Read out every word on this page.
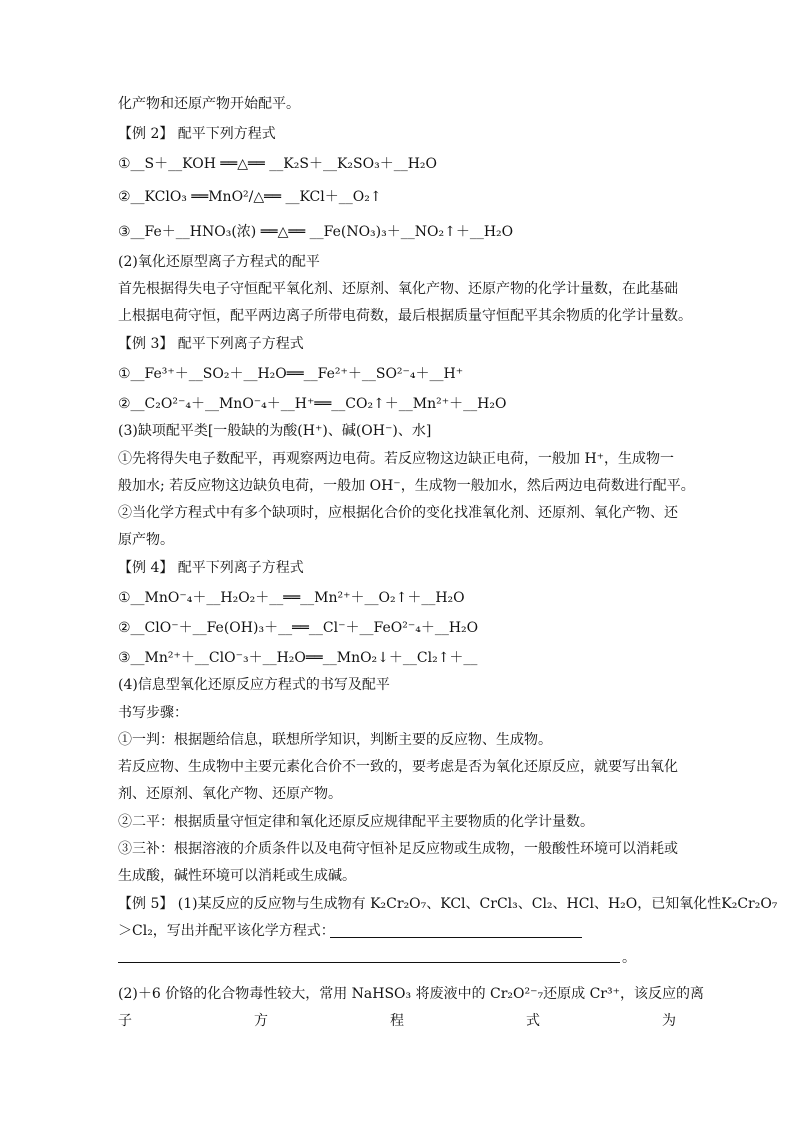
化产物和还原产物开始配平。
【例 2】 配平下列方程式
①__S＋__KOH ══△══ __K₂S＋__K₂SO₃＋__H₂O
②__KClO₃ ══MnO²/△══ __KCl＋__O₂↑
③__Fe＋__HNO₃(浓) ══△══ __Fe(NO₃)₃＋__NO₂↑＋__H₂O
(2)氧化还原型离子方程式的配平
首先根据得失电子守恒配平氧化剂、还原剂、氧化产物、还原产物的化学计量数，在此基础
上根据电荷守恒，配平两边离子所带电荷数，最后根据质量守恒配平其余物质的化学计量数。
【例 3】 配平下列离子方程式
①__Fe³⁺＋__SO₂＋__H₂O══__Fe²⁺＋__SO²⁻₄＋__H⁺
②__C₂O²⁻₄＋__MnO⁻₄＋__H⁺══__CO₂↑＋__Mn²⁺＋__H₂O
(3)缺项配平类[一般缺的为酸(H⁺)、碱(OH⁻)、水]
①先将得失电子数配平，再观察两边电荷。若反应物这边缺正电荷，一般加 H⁺，生成物一
般加水; 若反应物这边缺负电荷，一般加 OH⁻，生成物一般加水，然后两边电荷数进行配平。
②当化学方程式中有多个缺项时，应根据化合价的变化找准氧化剂、还原剂、氧化产物、还
原产物。
【例 4】 配平下列离子方程式
①__MnO⁻₄＋__H₂O₂＋__══__Mn²⁺＋__O₂↑＋__H₂O
②__ClO⁻＋__Fe(OH)₃＋__══__Cl⁻＋__FeO²⁻₄＋__H₂O
③__Mn²⁺＋__ClO⁻₃＋__H₂O══__MnO₂↓＋__Cl₂↑＋__
(4)信息型氧化还原反应方程式的书写及配平
书写步骤：
①一判：根据题给信息，联想所学知识，判断主要的反应物、生成物。
若反应物、生成物中主要元素化合价不一致的，要考虑是否为氧化还原反应，就要写出氧化
剂、还原剂、氧化产物、还原产物。
②二平：根据质量守恒定律和氧化还原反应规律配平主要物质的化学计量数。
③三补：根据溶液的介质条件以及电荷守恒补足反应物或生成物，一般酸性环境可以消耗或
生成酸，碱性环境可以消耗或生成碱。
【例 5】 (1)某反应的反应物与生成物有 K₂Cr₂O₇、KCl、CrCl₃、Cl₂、HCl、H₂O，已知氧化性K₂Cr₂O₇
＞Cl₂，写出并配平该化学方程式：
。
(2)＋6 价铬的化合物毒性较大，常用 NaHSO₃ 将废液中的 Cr₂O²⁻₇还原成 Cr³⁺，该反应的离
子	方	程	式	为
